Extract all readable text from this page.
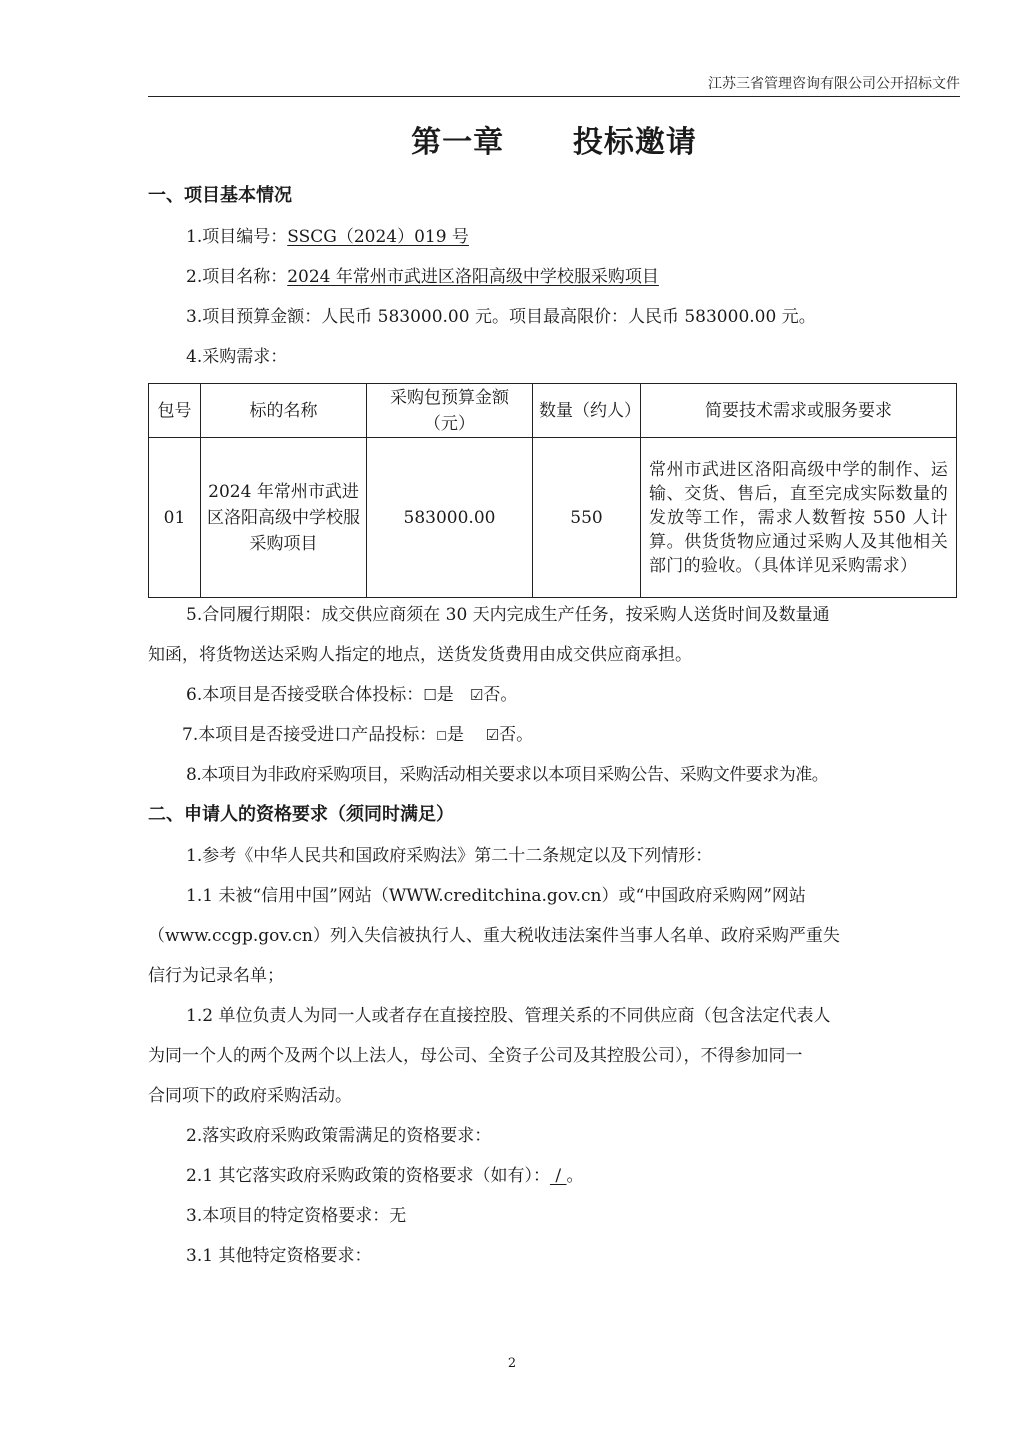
江苏三省管理咨询有限公司公开招标文件
第一章      投标邀请
一、项目基本情况
1.项目编号：SSCG（2024）019 号
2.项目名称：2024 年常州市武进区洛阳高级中学校服采购项目
3.项目预算金额：人民币 583000.00 元。项目最高限价：人民币 583000.00 元。
4.采购需求：
包号	标的名称	采购包预算金额（元）	数量（约人）	简要技术需求或服务要求
01	2024 年常州市武进区洛阳高级中学校服采购项目	583000.00	550	常州市武进区洛阳高级中学的制作、运输、交货、售后，直至完成实际数量的发放等工作，需求人数暂按 550 人计算。供货货物应通过采购人及其他相关部门的验收。（具体详见采购需求）
5.合同履行期限：成交供应商须在 30 天内完成生产任务，按采购人送货时间及数量通
知函，将货物送达采购人指定的地点，送货发货费用由成交供应商承担。
6.本项目是否接受联合体投标：☐是 ☑否。
7.本项目是否接受进口产品投标：☐是 ☑否。
8.本项目为非政府采购项目，采购活动相关要求以本项目采购公告、采购文件要求为准。
二、申请人的资格要求（须同时满足）
1.参考《中华人民共和国政府采购法》第二十二条规定以及下列情形：
1.1 未被“信用中国”网站（WWW.creditchina.gov.cn）或“中国政府采购网”网站
（www.ccgp.gov.cn）列入失信被执行人、重大税收违法案件当事人名单、政府采购严重失
信行为记录名单；
1.2 单位负责人为同一人或者存在直接控股、管理关系的不同供应商（包含法定代表人
为同一个人的两个及两个以上法人，母公司、全资子公司及其控股公司），不得参加同一
合同项下的政府采购活动。
2.落实政府采购政策需满足的资格要求：
2.1 其它落实政府采购政策的资格要求（如有）： / 。
3.本项目的特定资格要求：无
3.1 其他特定资格要求：
2
